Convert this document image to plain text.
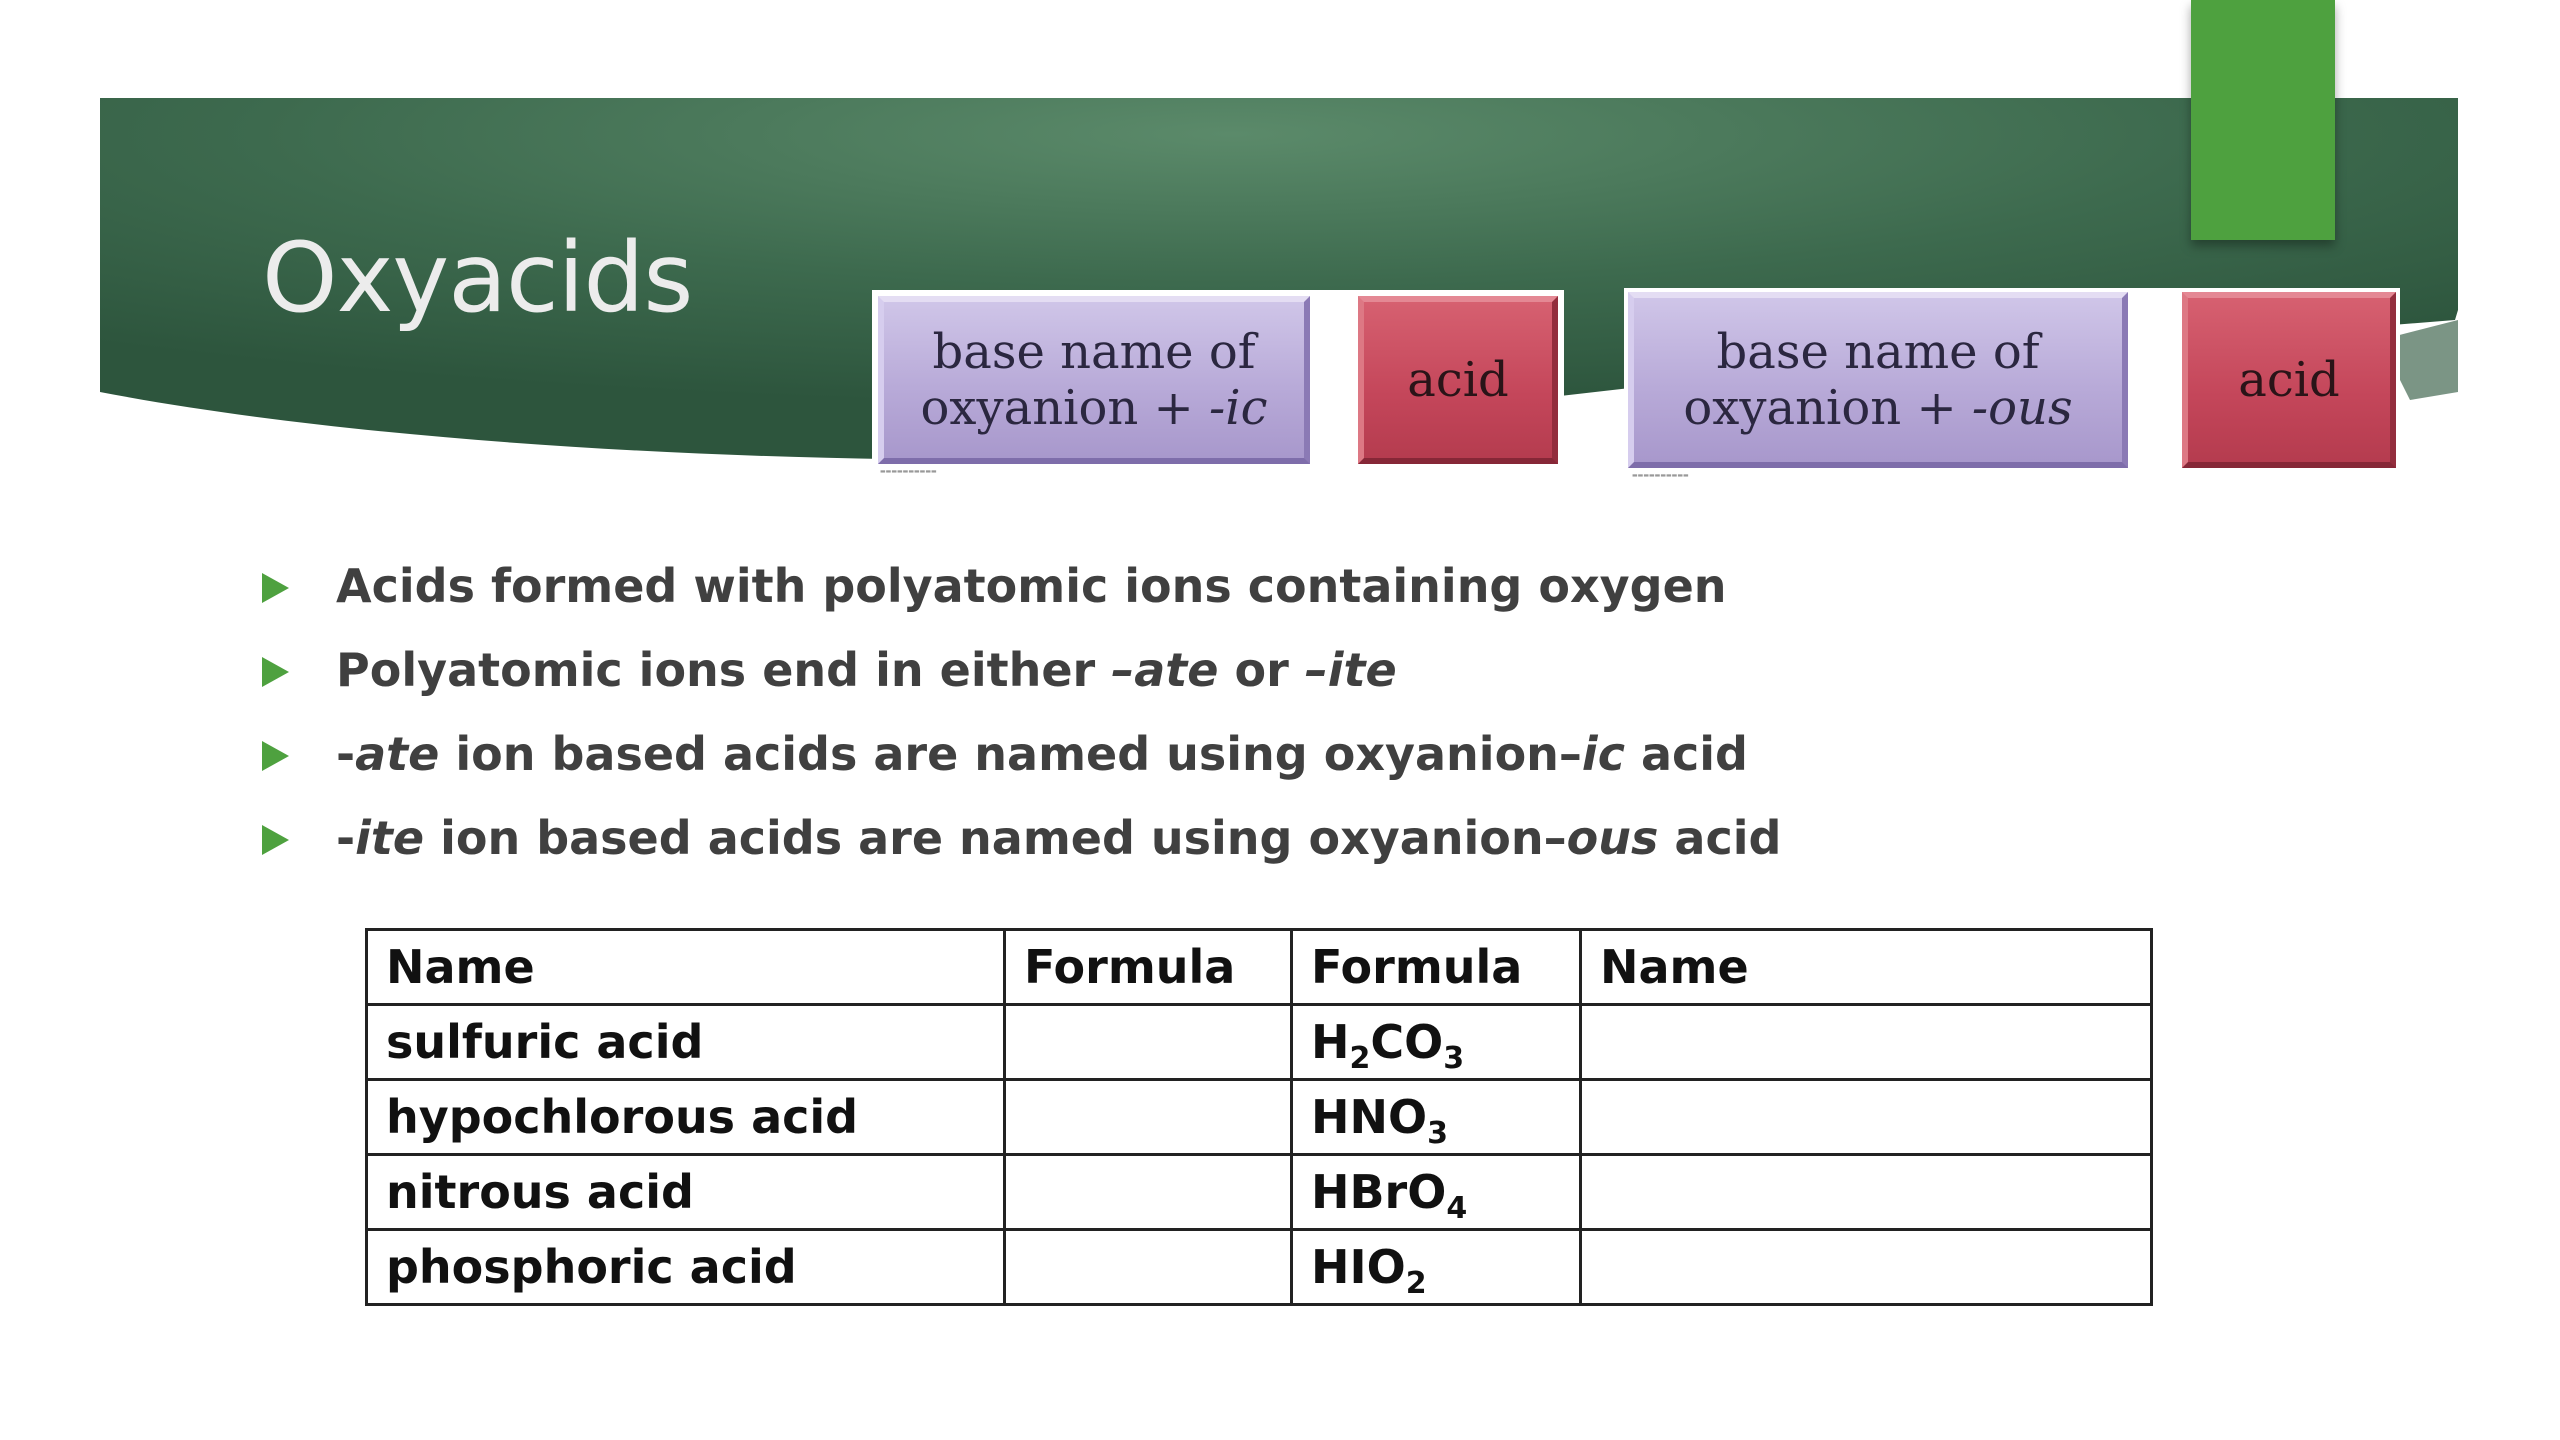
Oxyacids
base name of
oxyanion + -ic	acid
▬▬▬▬▬▬▬▬▬▬
base name of
oxyanion + -ous	acid
▬▬▬▬▬▬▬▬▬▬
Acids formed with polyatomic ions containing oxygen
Polyatomic ions end in either –ate or –ite
-ate ion based acids are named using oxyanion–ic acid
-ite ion based acids are named using oxyanion–ous acid
Name	Formula	Formula	Name
sulfuric acid		$H_2CO_3$	
hypochlorous acid		$HNO_3$	
nitrous acid		HBrO$_4$	
phosphoric acid		$HIO_2$	
